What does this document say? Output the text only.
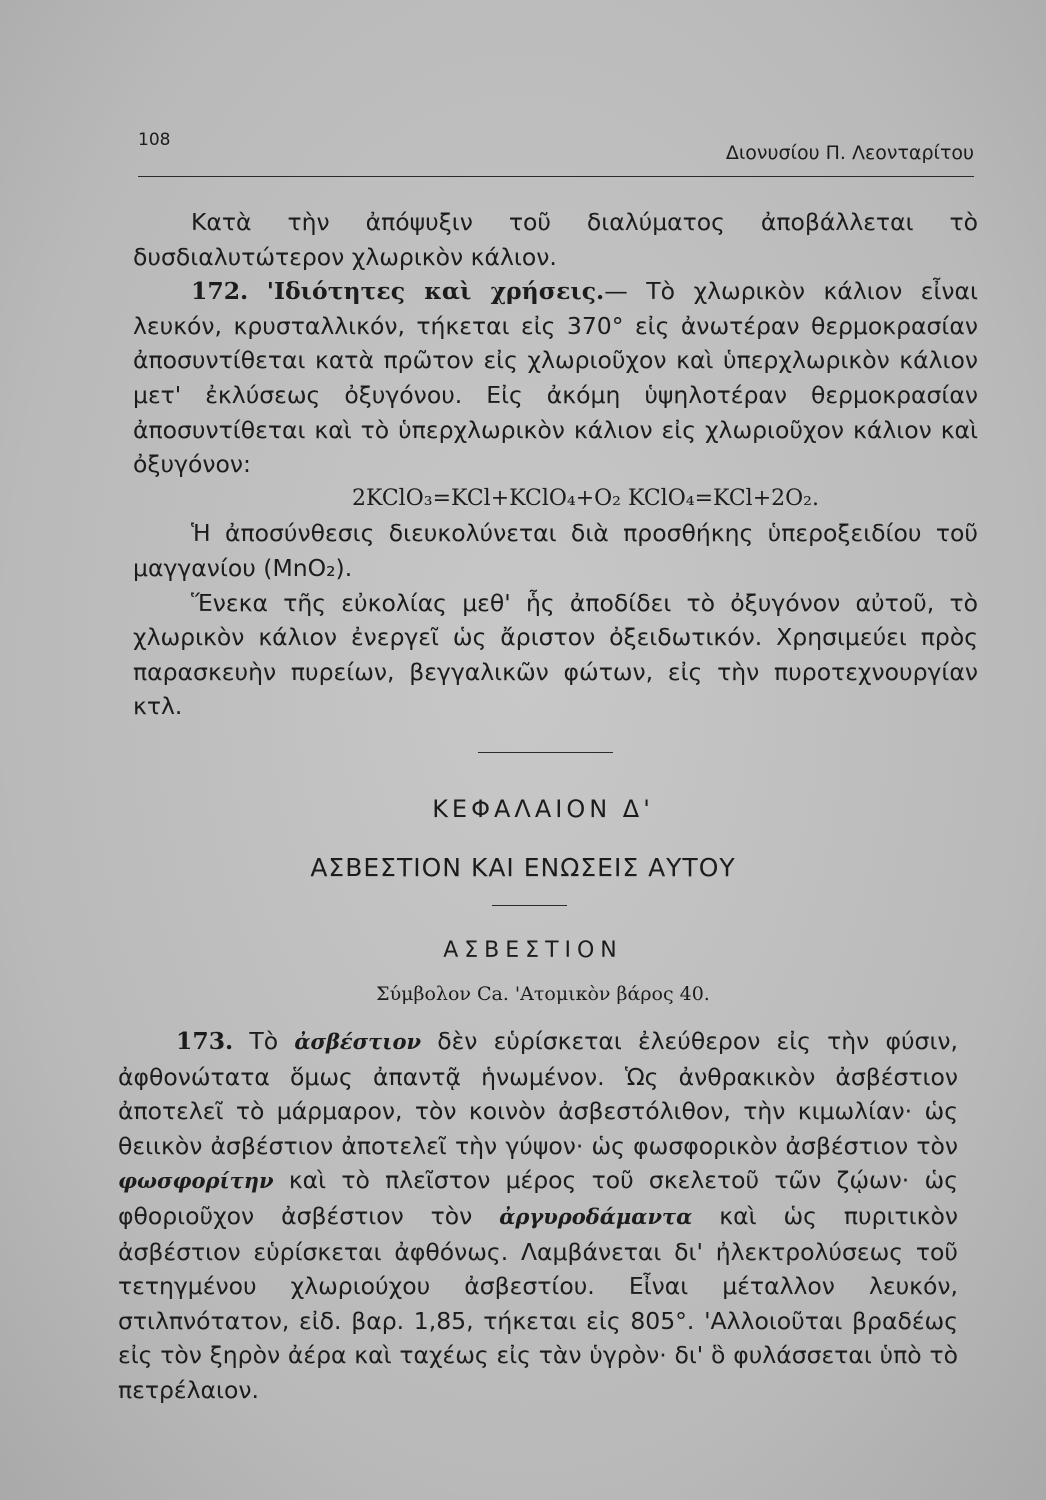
108
Διονυσίου Π. Λεονταρίτου

Κατὰ τὴν ἀπόψυξιν τοῦ διαλύματος ἀποβάλλεται τὸ δυσδιαλυτώτερον χλωρικὸν κάλιον.

172. 'Ιδιότητες καὶ χρήσεις.— Τὸ χλωρικὸν κάλιον εἶναι λευκόν, κρυσταλλικόν, τήκεται εἰς 370° εἰς ἀνωτέραν θερμοκρασίαν ἀποσυντίθεται κατὰ πρῶτον εἰς χλωριοῦχον καὶ ὑπερχλωρικὸν κάλιον μετ' ἐκλύσεως ὀξυγόνου. Εἰς ἀκόμη ὑψηλοτέραν θερμοκρασίαν ἀποσυντίθεται καὶ τὸ ὑπερχλωρικὸν κάλιον εἰς χλωριοῦχον κάλιον καὶ ὀξυγόνον:

2KClO₃=KCl+KClO₄+O₂ KClO₄=KCl+2O₂.

Ἡ ἀποσύνθεσις διευκολύνεται διὰ προσθήκης ὑπεροξειδίου τοῦ μαγγανίου (MnO₂).

Ἕνεκα τῆς εὐκολίας μεθ' ἧς ἀποδίδει τὸ ὀξυγόνον αὐτοῦ, τὸ χλωρικὸν κάλιον ἐνεργεῖ ὡς ἄριστον ὀξειδωτικόν. Χρησιμεύει πρὸς παρασκευὴν πυρείων, βεγγαλικῶν φώτων, εἰς τὴν πυροτεχνουργίαν κτλ.

ΚΕΦΑΛΑΙΟΝ Δ'
ΑΣΒΕΣΤΙΟΝ ΚΑΙ ΕΝΩΣΕΙΣ ΑΥΤΟΥ
ΑΣΒΕΣΤΙΟΝ
Σύμβολον Ca. 'Ατομικὸν βάρος 40.

173. Τὸ ἀσβέστιον δὲν εὑρίσκεται ἐλεύθερον εἰς τὴν φύσιν, ἀφθονώτατα ὅμως ἀπαντᾷ ἡνωμένον. Ὡς ἀνθρακικὸν ἀσβέστιον ἀποτελεῖ τὸ μάρμαρον, τὸν κοινὸν ἀσβεστόλιθον, τὴν κιμωλίαν· ὡς θειικὸν ἀσβέστιον ἀποτελεῖ τὴν γύψον· ὡς φωσφορικὸν ἀσβέστιον τὸν φωσφορίτην καὶ τὸ πλεῖστον μέρος τοῦ σκελετοῦ τῶν ζῴων· ὡς φθοριοῦχον ἀσβέστιον τὸν ἀργυροδάμαντα καὶ ὡς πυριτικὸν ἀσβέστιον εὑρίσκεται ἀφθόνως. Λαμβάνεται δι' ἠλεκτρολύσεως τοῦ τετηγμένου χλωριούχου ἀσβεστίου. Εἶναι μέταλλον λευκόν, στιλπνότατον, εἰδ. βαρ. 1,85, τήκεται εἰς 805°. 'Αλλοιοῦται βραδέως εἰς τὸν ξηρὸν ἀέρα καὶ ταχέως εἰς τὰν ὑγρὸν· δι' ὃ φυλάσσεται ὑπὸ τὸ πετρέλαιον.
